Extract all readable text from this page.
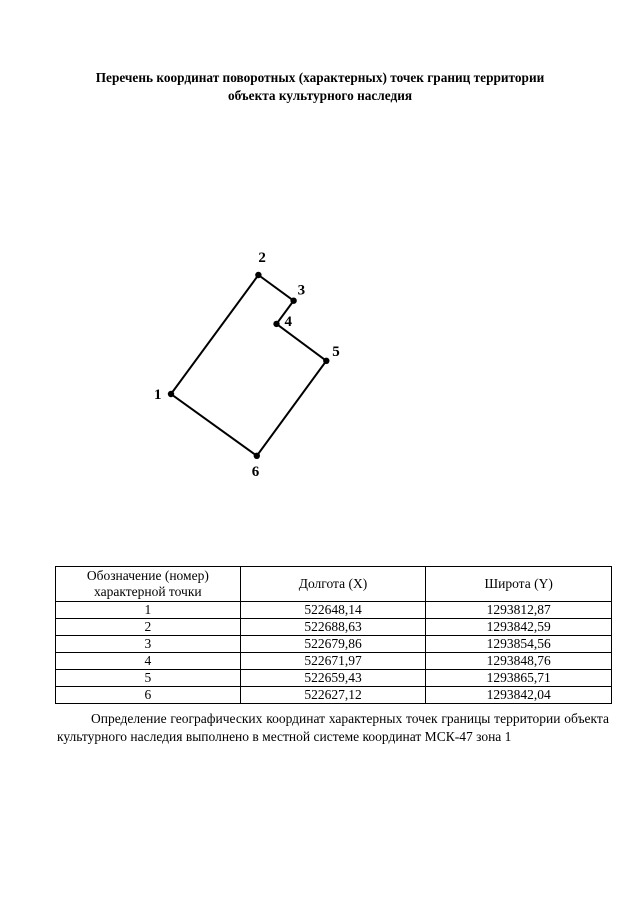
Перечень координат поворотных (характерных) точек границ территории
объекта культурного наследия
1
2
3
4
5
6
Обозначение (номер) характерной точки	Долгота (X)	Широта (Y)
1	522648,14	1293812,87
2	522688,63	1293842,59
3	522679,86	1293854,56
4	522671,97	1293848,76
5	522659,43	1293865,71
6	522627,12	1293842,04
Определение географических координат характерных точек границы территории объекта культурного наследия выполнено в местной системе координат МСК-47 зона 1
